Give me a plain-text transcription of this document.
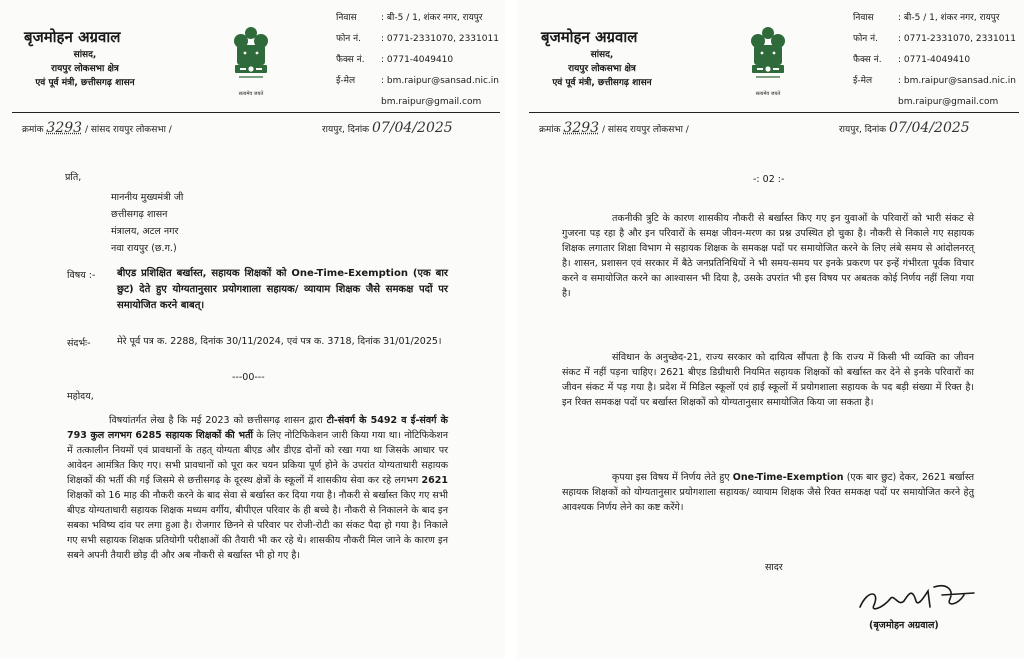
बृजमोहन अग्रवाल
सांसद,
रायपुर लोकसभा क्षेत्र
एवं पूर्व मंत्री, छत्तीसगढ़ शासन
सत्यमेव जयते
निवास	: बी-5 / 1, शंकर नगर, रायपुर
फोन नं. : 0771-2331070, 2331011
फैक्स नं. : 0771-4049410
ई-मेल	: bm.raipur@sansad.nic.in
bm.raipur@gmail.com
क्रमांक 3293 / सांसद रायपुर लोकसभा /	रायपुर, दिनांक 07/04/2025
प्रति,
माननीय मुख्यमंत्री जी
छत्तीसगढ़ शासन
मंत्रालय, अटल नगर
नवा रायपुर (छ.ग.)
विषय :- बीएड प्रशिक्षित बर्खास्त, सहायक शिक्षकों को One-Time-Exemption (एक बार छुट) देते हुए योग्यतानुसार प्रयोगशाला सहायक/ व्यायाम शिक्षक जैसे समकक्ष पदों पर समायोजित करने बाबत्।
संदर्भः-	मेरे पूर्व पत्र क. 2288, दिनांक 30/11/2024, एवं पत्र क. 3718, दिनांक 31/01/2025।
---00---
महोदय,
विषयांतर्गत लेख है कि मई 2023 को छत्तीसगढ़ शासन द्वारा टी-संवर्ग के 5492 व ई-संवर्ग के 793 कुल लगभग 6285 सहायक शिक्षकों की भर्ती के लिए नोटिफिकेशन जारी किया गया था। नोटिफिकेशन में तत्कालीन नियमों एवं प्रावधानों के तहत् योग्यता बीएड और डीएड दोनों को रखा गया था जिसके आधार पर आवेदन आमंत्रित किए गए। सभी प्रावधानों को पूरा कर चयन प्रकिया पूर्ण होने के उपरांत योग्यताधारी सहायक शिक्षकों की भर्ती की गई जिसमे से छत्तीसगढ़ के दूरस्थ क्षेत्रों के स्कूलों में शासकीय सेवा कर रहे लगभग 2621 शिक्षकों को 16 माह की नौकरी करने के बाद सेवा से बर्खास्त कर दिया गया है। नौकरी से बर्खास्त किए गए सभी बीएड योग्यताधारी सहायक शिक्षक मध्यम वर्गीय, बीपीएल परिवार के ही बच्चे है। नौकरी से निकालने के बाद इन सबका भविष्य दांव पर लगा हुआ है। रोजगार छिनने से परिवार पर रोजी-रोटी का संकट पैदा हो गया है। निकाले गए सभी सहायक शिक्षक प्रतियोगी परीक्षाओं की तैयारी भी कर रहे थे। शासकीय नौकरी मिल जाने के कारण इन सबने अपनी तैयारी छोड़ दी और अब नौकरी से बर्खास्त भी हो गए है।
बृजमोहन अग्रवाल
सांसद,
रायपुर लोकसभा क्षेत्र
एवं पूर्व मंत्री, छत्तीसगढ़ शासन
सत्यमेव जयते
निवास	: बी-5 / 1, शंकर नगर, रायपुर
फोन नं. : 0771-2331070, 2331011
फैक्स नं. : 0771-4049410
ई-मेल	: bm.raipur@sansad.nic.in
bm.raipur@gmail.com
क्रमांक 3293 / सांसद रायपुर लोकसभा /	रायपुर, दिनांक 07/04/2025
-: 02 :-
तकनीकी त्रुटि के कारण शासकीय नौकरी से बर्खास्त किए गए इन युवाओं के परिवारों को भारी संकट से गुजरना पड़ रहा है और इन परिवारों के समक्ष जीवन-मरण का प्रश्न उपस्थित हो चुका है। नौकरी से निकाले गए सहायक शिक्षक लगातार शिक्षा विभाग मे सहायक शिक्षक के समकक्ष पदों पर समायोजित करने के लिए लंबे समय से आंदोलनरत् है। शासन, प्रशासन एवं सरकार में बैठे जनप्रतिनिधियों ने भी समय-समय पर इनके प्रकरण पर इन्हें गंभीरता पूर्वक विचार करने व समायोजित करने का आश्वासन भी दिया है, उसके उपरांत भी इस विषय पर अबतक कोई निर्णय नहीं लिया गया है।
संविधान के अनुच्छेद-21, राज्य सरकार को दायित्व सौंपता है कि राज्य में किसी भी व्यक्ति का जीवन संकट में नहीं पड़ना चाहिए। 2621 बीएड डिग्रीधारी नियमित सहायक शिक्षकों को बर्खास्त कर देने से इनके परिवारों का जीवन संकट में पड़ गया है। प्रदेश में मिडिल स्कूलों एवं हाई स्कूलों में प्रयोगशाला सहायक के पद बड़ी संख्या में रिक्त है। इन रिक्त समकक्ष पदों पर बर्खास्त शिक्षकों को योग्यतानुसार समायोजित किया जा सकता है।
कृपया इस विषय में निर्णय लेते हुए One-Time-Exemption (एक बार छुट) देकर, 2621 बर्खास्त सहायक शिक्षकों को योग्यतानुसार प्रयोगशाला सहायक/ व्यायाम शिक्षक जैसे रिक्त समकक्ष पदों पर समायोजित करने हेतु आवश्यक निर्णय लेने का कष्ट करेंगे।
सादर
(बृजमोहन अग्रवाल)
